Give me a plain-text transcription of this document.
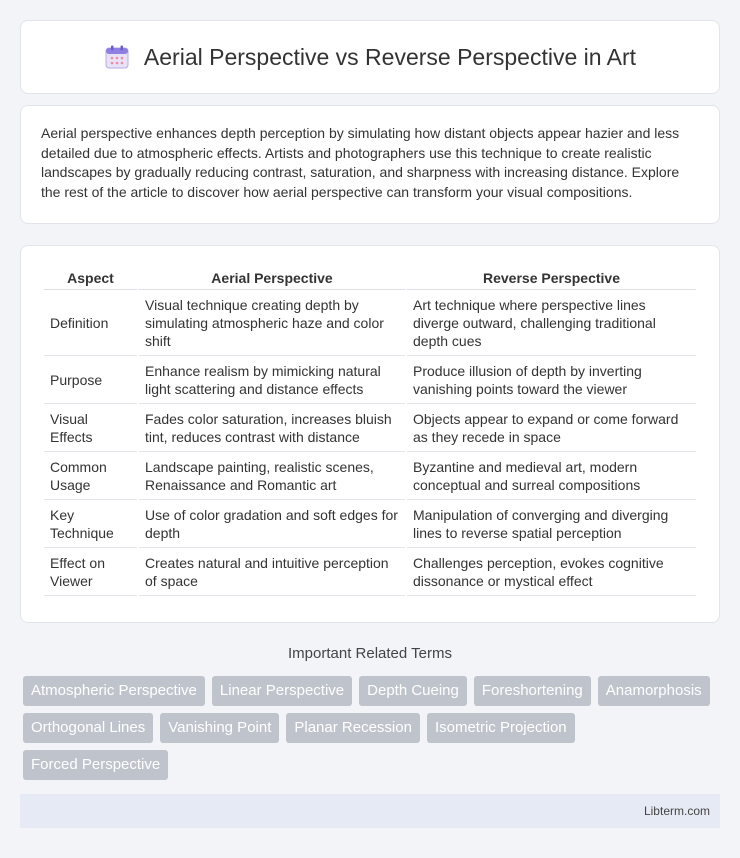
Aerial Perspective vs Reverse Perspective in Art

Aerial perspective enhances depth perception by simulating how distant objects appear hazier and less detailed due to atmospheric effects. Artists and photographers use this technique to create realistic landscapes by gradually reducing contrast, saturation, and sharpness with increasing distance. Explore the rest of the article to discover how aerial perspective can transform your visual compositions.

Aspect	Aerial Perspective	Reverse Perspective
Definition	Visual technique creating depth by simulating atmospheric haze and color shift	Art technique where perspective lines diverge outward, challenging traditional depth cues
Purpose	Enhance realism by mimicking natural light scattering and distance effects	Produce illusion of depth by inverting vanishing points toward the viewer
Visual Effects	Fades color saturation, increases bluish tint, reduces contrast with distance	Objects appear to expand or come forward as they recede in space
Common Usage	Landscape painting, realistic scenes, Renaissance and Romantic art	Byzantine and medieval art, modern conceptual and surreal compositions
Key Technique	Use of color gradation and soft edges for depth	Manipulation of converging and diverging lines to reverse spatial perception
Effect on Viewer	Creates natural and intuitive perception of space	Challenges perception, evokes cognitive dissonance or mystical effect
Important Related Terms
Atmospheric Perspective	Linear Perspective	Depth Cueing	Foreshortening	Anamorphosis
Orthogonal Lines	Vanishing Point	Planar Recession	Isometric Projection
Forced Perspective
Libterm.com
